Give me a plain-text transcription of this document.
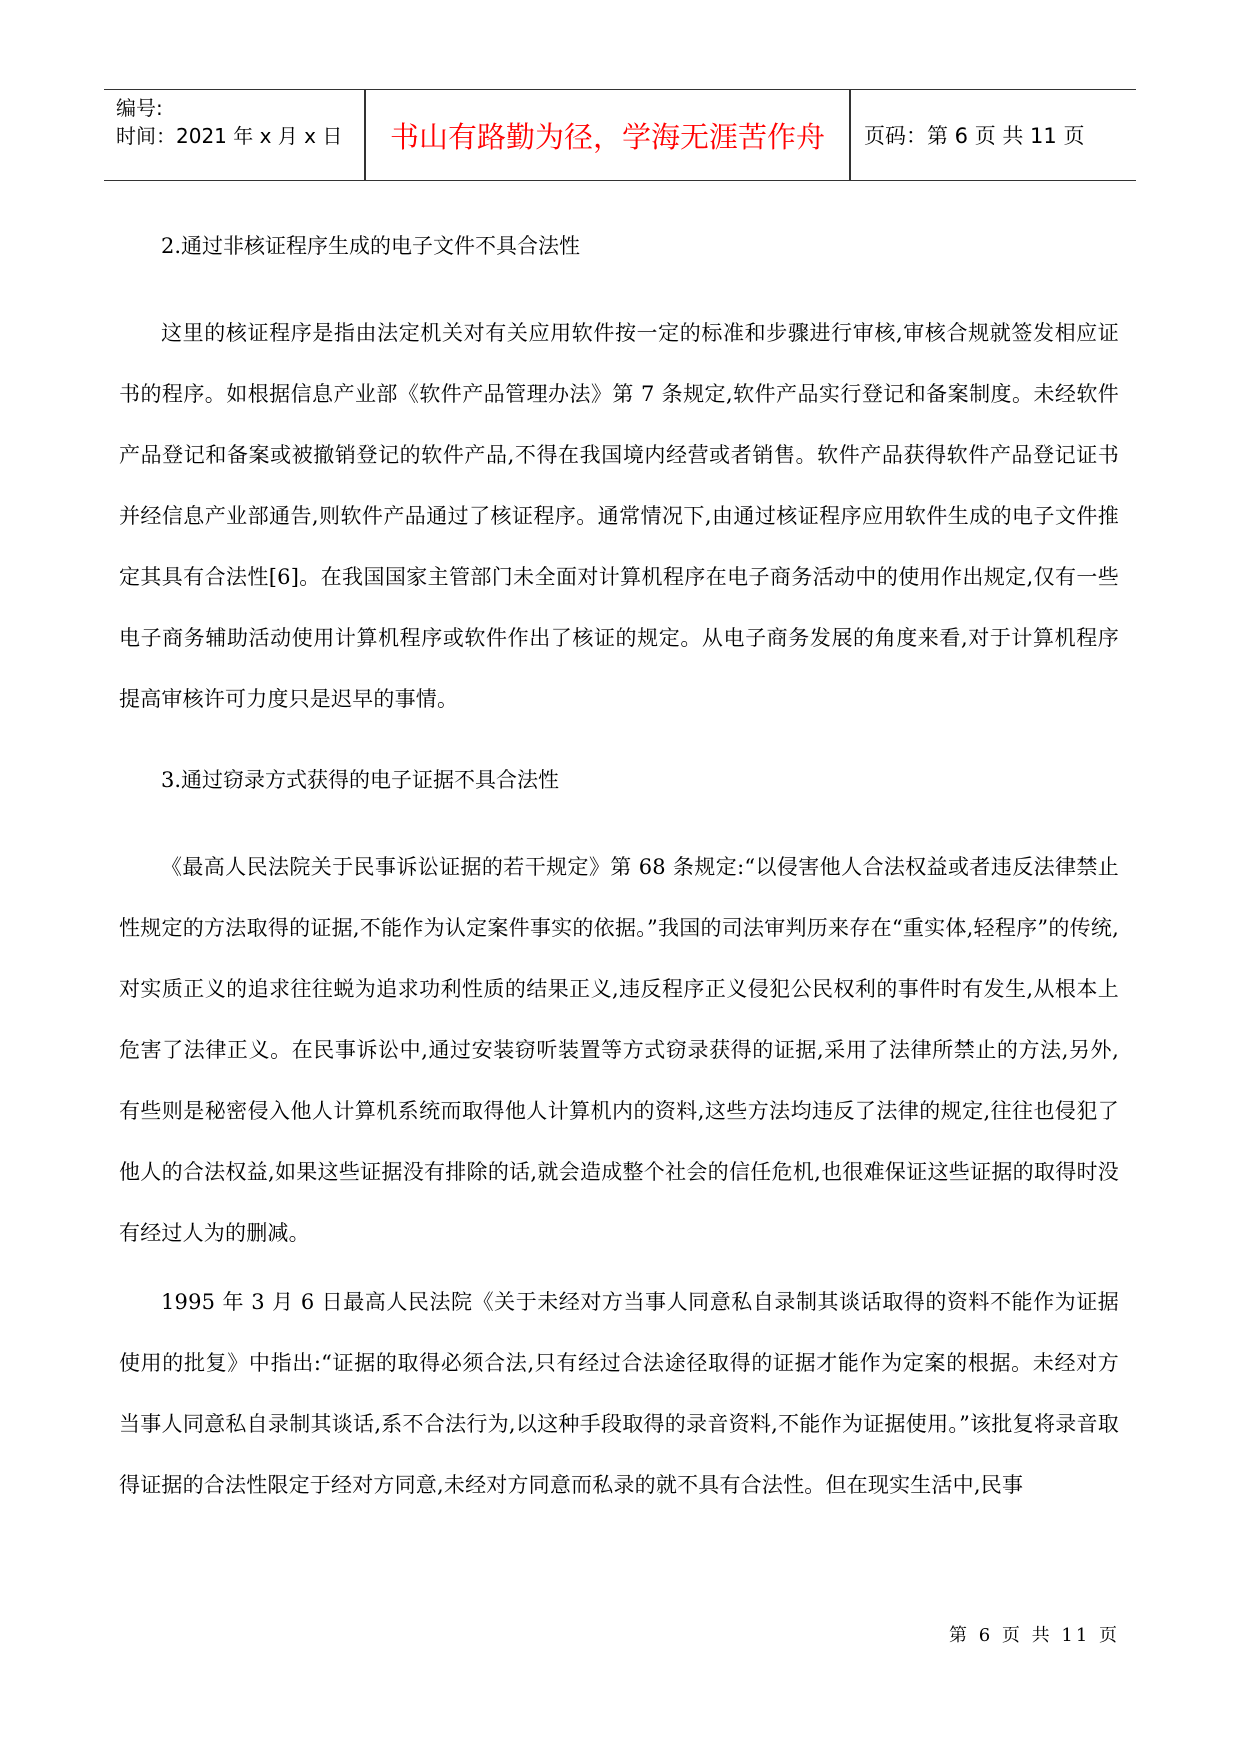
编号:
时间：2021 年 x 月 x 日	书山有路勤为径，学海无涯苦作舟	页码：第 6 页 共 11 页

2.通过非核证程序生成的电子文件不具合法性

这里的核证程序是指由法定机关对有关应用软件按一定的标准和步骤进行审核,审核合规就签发相应证书的程序。如根据信息产业部《软件产品管理办法》第 7 条规定,软件产品实行登记和备案制度。未经软件产品登记和备案或被撤销登记的软件产品,不得在我国境内经营或者销售。软件产品获得软件产品登记证书并经信息产业部通告,则软件产品通过了核证程序。通常情况下,由通过核证程序应用软件生成的电子文件推定其具有合法性[6]。在我国国家主管部门未全面对计算机程序在电子商务活动中的使用作出规定,仅有一些电子商务辅助活动使用计算机程序或软件作出了核证的规定。从电子商务发展的角度来看,对于计算机程序提高审核许可力度只是迟早的事情。

3.通过窃录方式获得的电子证据不具合法性

《最高人民法院关于民事诉讼证据的若干规定》第 68 条规定:“以侵害他人合法权益或者违反法律禁止性规定的方法取得的证据,不能作为认定案件事实的依据。”我国的司法审判历来存在“重实体,轻程序”的传统,对实质正义的追求往往蜕为追求功利性质的结果正义,违反程序正义侵犯公民权利的事件时有发生,从根本上危害了法律正义。在民事诉讼中,通过安装窃听装置等方式窃录获得的证据,采用了法律所禁止的方法,另外,有些则是秘密侵入他人计算机系统而取得他人计算机内的资料,这些方法均违反了法律的规定,往往也侵犯了他人的合法权益,如果这些证据没有排除的话,就会造成整个社会的信任危机,也很难保证这些证据的取得时没有经过人为的删减。

1995 年 3 月 6 日最高人民法院《关于未经对方当事人同意私自录制其谈话取得的资料不能作为证据使用的批复》中指出:“证据的取得必须合法,只有经过合法途径取得的证据才能作为定案的根据。未经对方当事人同意私自录制其谈话,系不合法行为,以这种手段取得的录音资料,不能作为证据使用。”该批复将录音取得证据的合法性限定于经对方同意,未经对方同意而私录的就不具有合法性。但在现实生活中,民事

第 6 页 共 11 页
